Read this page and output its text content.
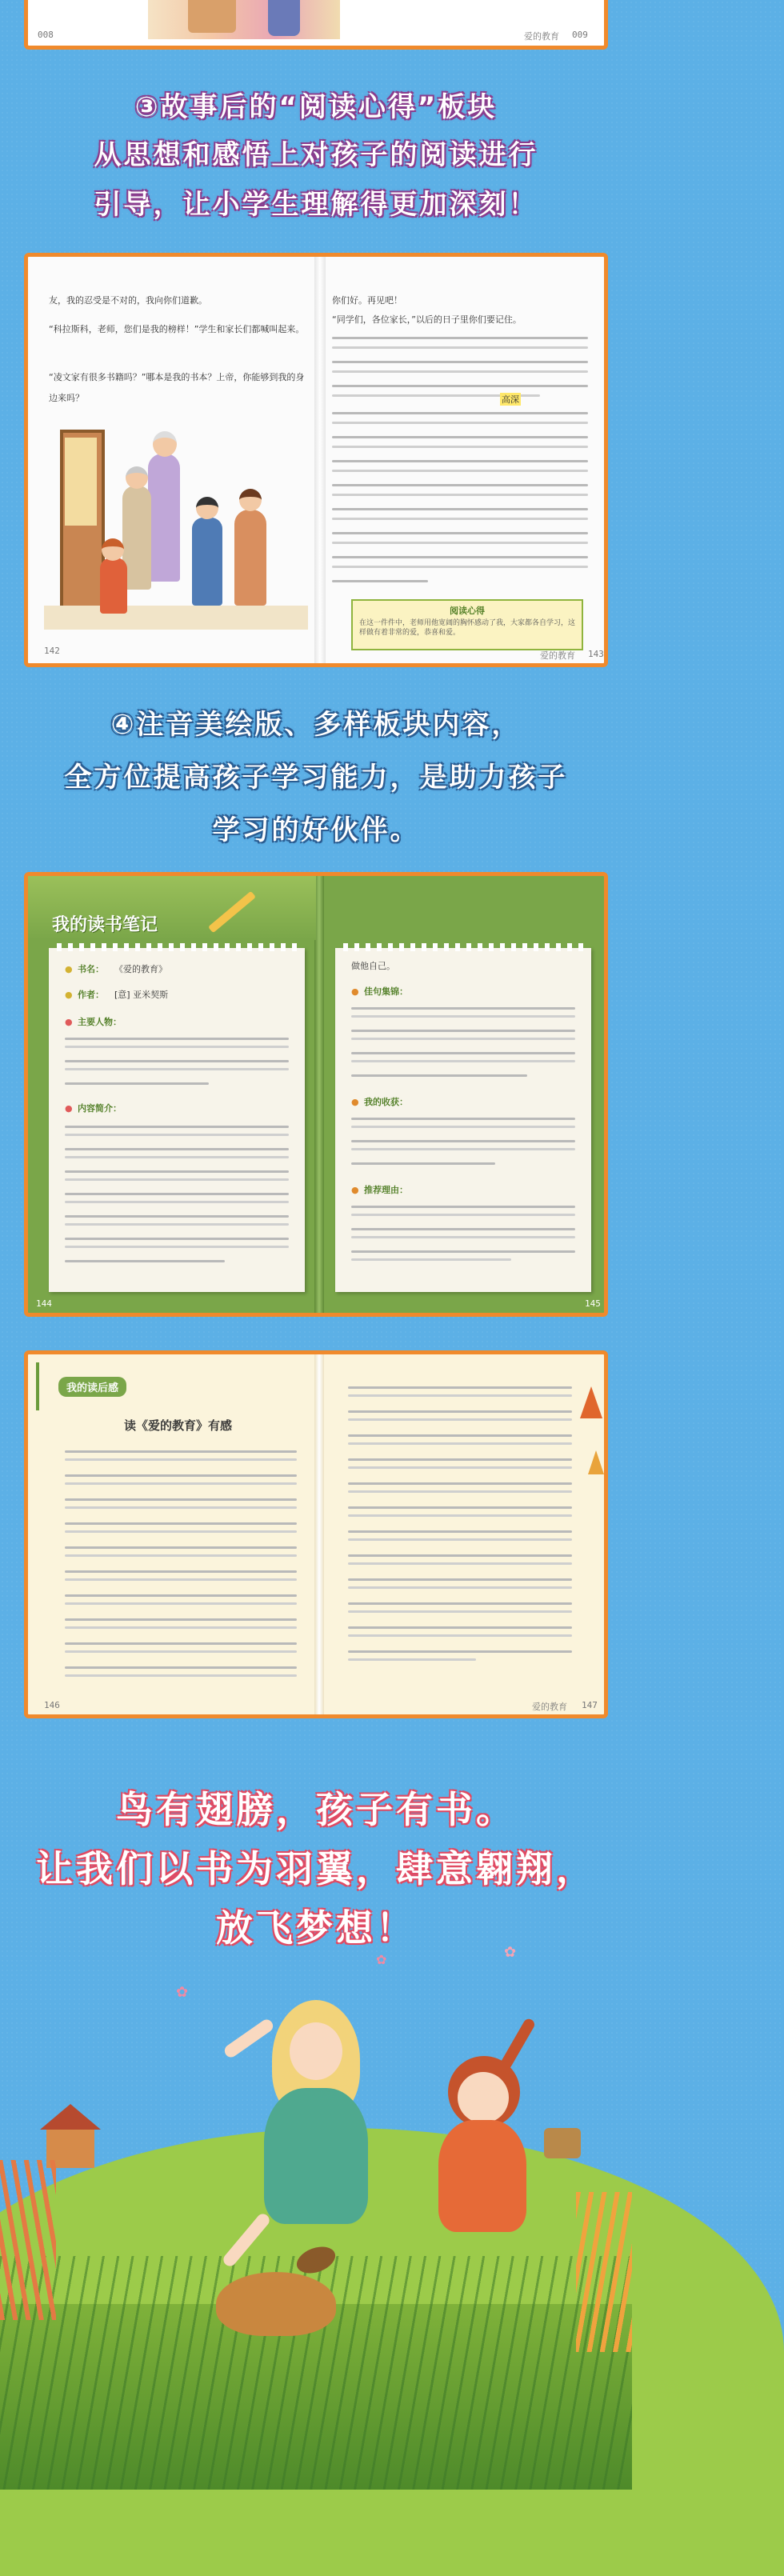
008	爱的教育 009
③故事后的“阅读心得”板块
从思想和感悟上对孩子的阅读进行
引导，让小学生理解得更加深刻！
友，我的忍受是不对的，我向你们道歉。
“科拉斯科，老师，您们是我的榜样！”学生和家长们都喊叫起来。
“凌文家有很多书籍吗？”哪本是我的书本？上帝，你能够到我的身边来吗？
142
你们好。再见吧！
“同学们，各位家长，”以后的日子里你们要记住。
高深
阅读心得
在这一件件中，老师用他宽阔的胸怀感动了我，大家都各自学习，这样做有着非常的爱，恭喜和爱。
爱的教育 143
④注音美绘版、多样板块内容，
全方位提高孩子学习能力，是助力孩子
学习的好伙伴。
我的读书笔记
● 书名： 《爱的教育》
● 作者： [意] 亚米契斯
● 主要人物：
● 内容简介：
144
做他自己。
● 佳句集锦：
● 我的收获：
● 推荐理由：
145
我的读后感
读《爱的教育》有感
146	爱的教育 147
鸟有翅膀，孩子有书。
让我们以书为羽翼，肆意翱翔，
放飞梦想！
✿
✿
✿
